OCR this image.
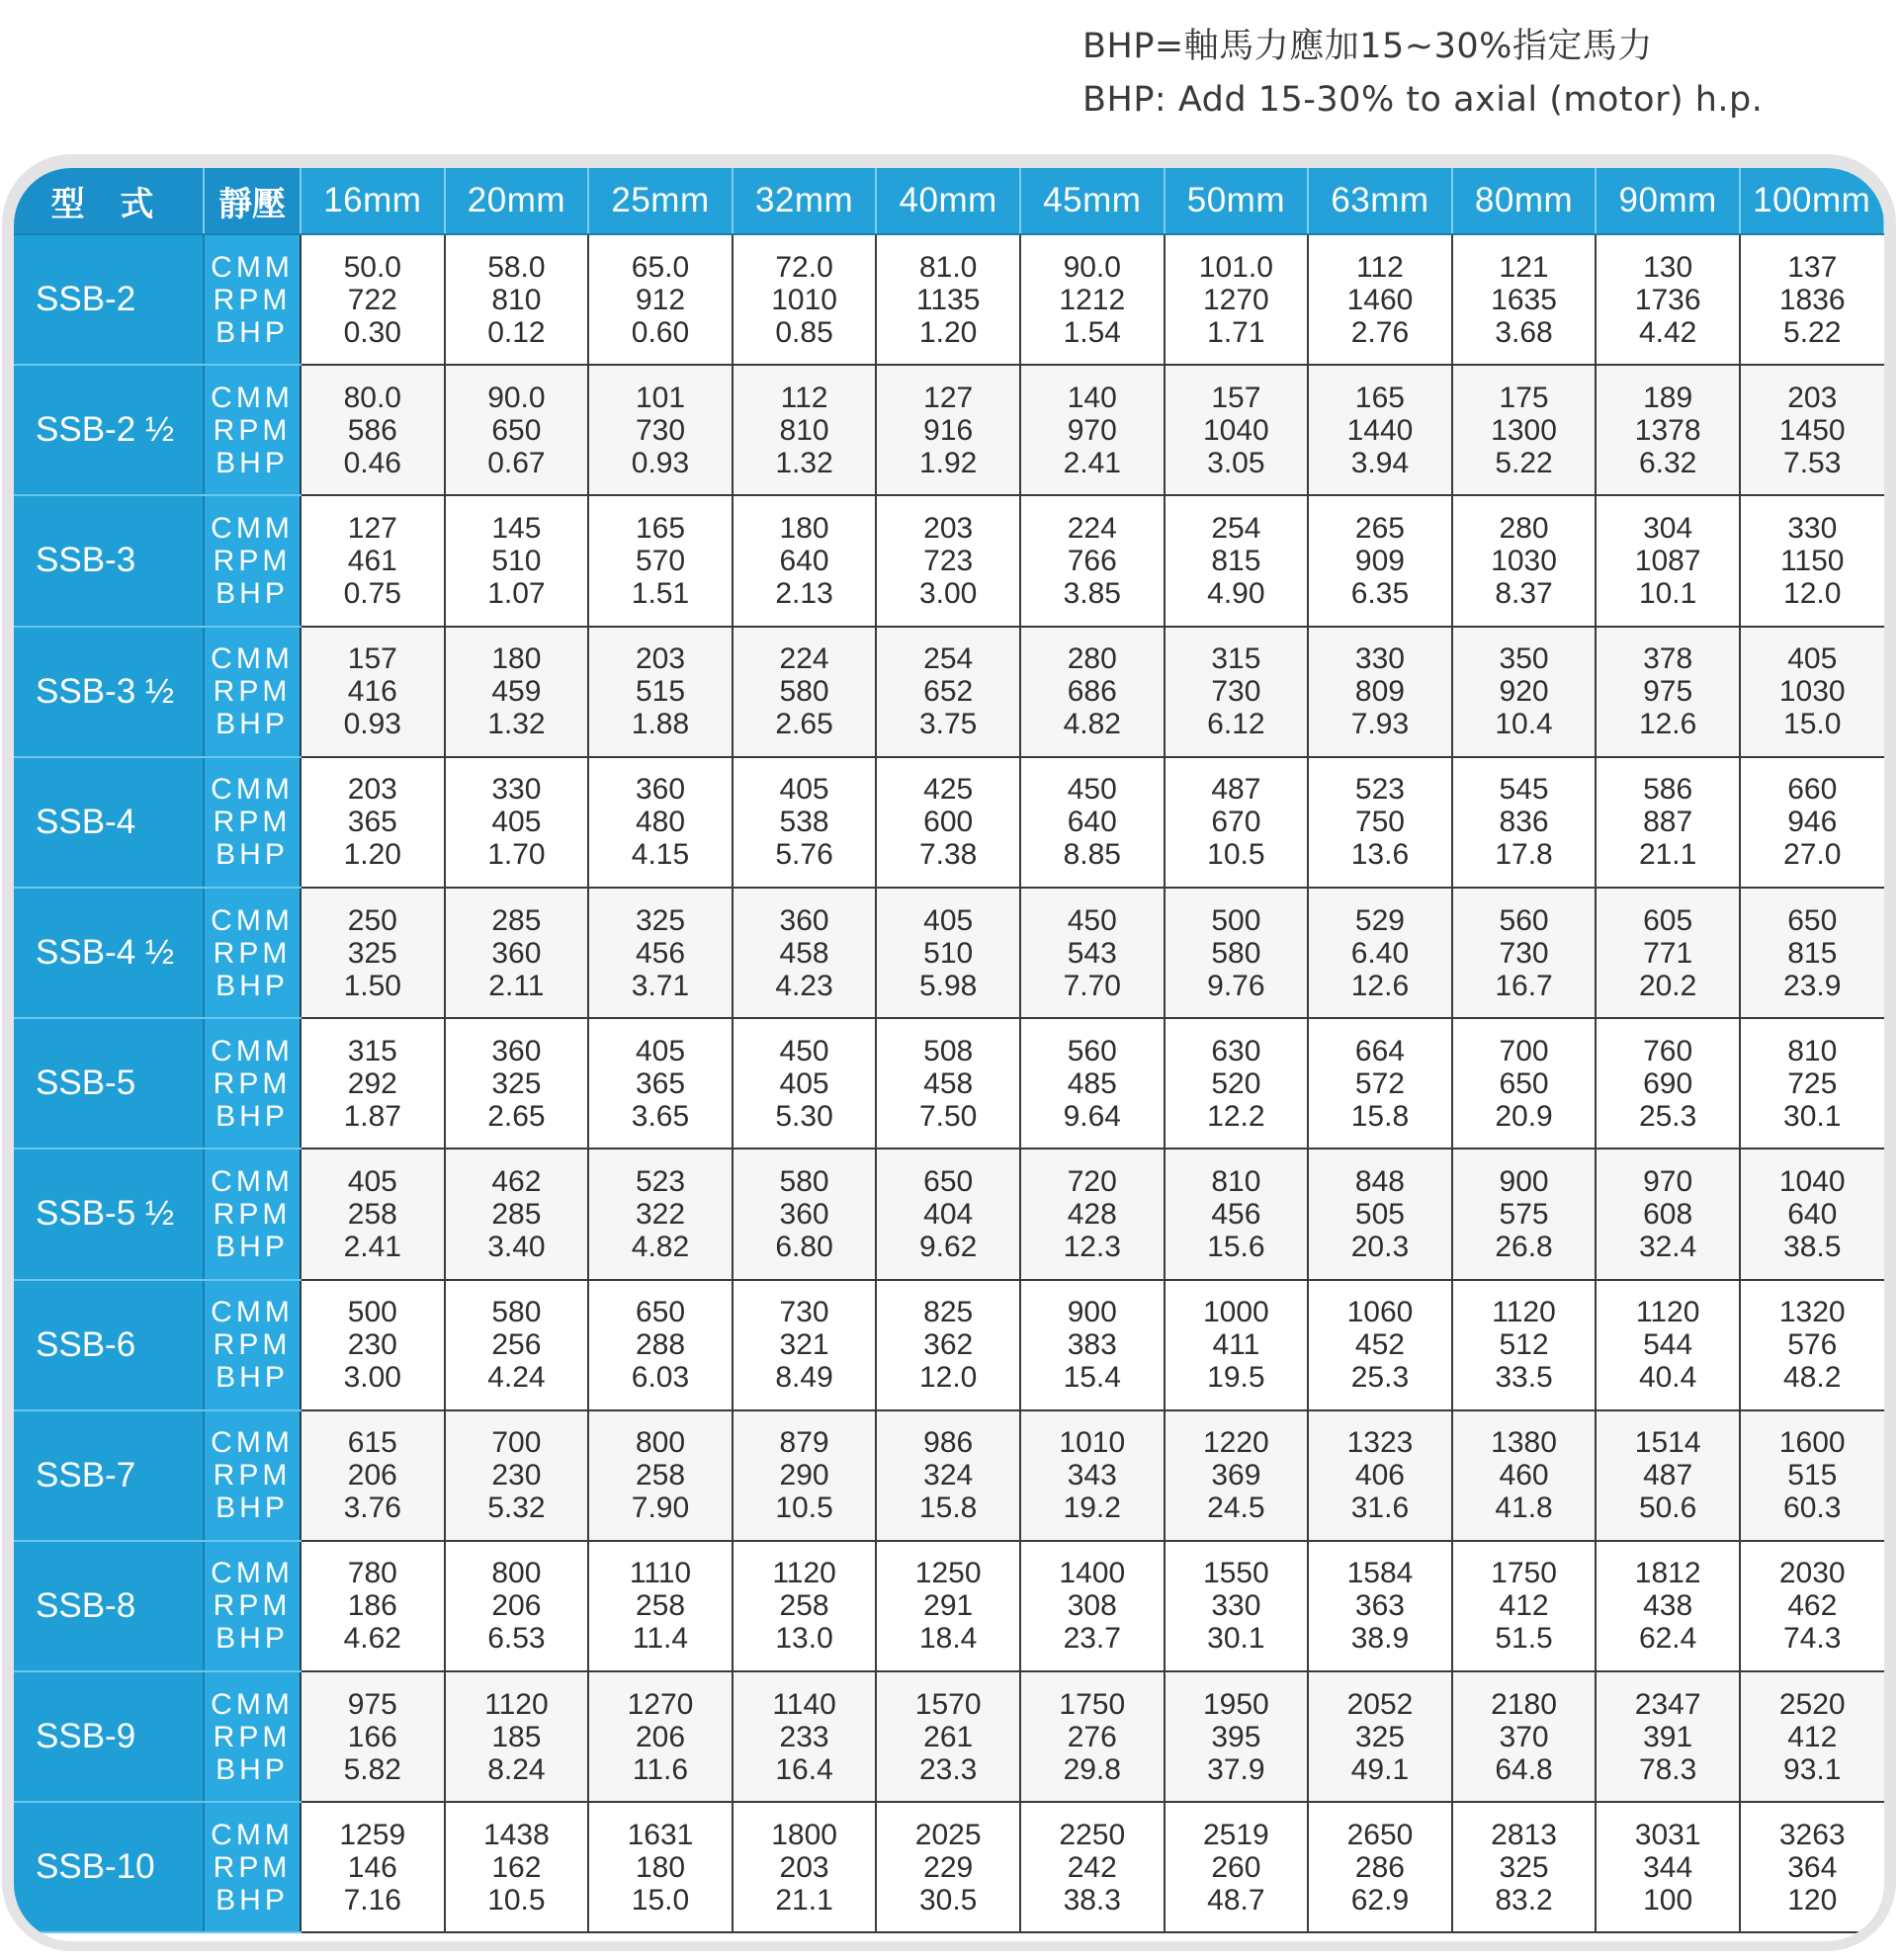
BHP=軸馬力應加15~30%指定馬力
BHP: Add 15-30% to axial (motor) h.p.
型 式	靜壓	16mm	20mm	25mm	32mm	40mm	45mm	50mm	63mm	80mm	90mm	100mm
SSB-2	CMM
RPM
BHP	50.0
722
0.30	58.0
810
0.12	65.0
912
0.60	72.0
1010
0.85	81.0
1135
1.20	90.0
1212
1.54	101.0
1270
1.71	112
1460
2.76	121
1635
3.68	130
1736
4.42	137
1836
5.22

SSB-2 ½	CMM
RPM
BHP	80.0
586
0.46	90.0
650
0.67	101
730
0.93	112
810
1.32	127
916
1.92	140
970
2.41	157
1040
3.05	165
1440
3.94	175
1300
5.22	189
1378
6.32	203
1450
7.53

SSB-3	CMM
RPM
BHP	127
461
0.75	145
510
1.07	165
570
1.51	180
640
2.13	203
723
3.00	224
766
3.85	254
815
4.90	265
909
6.35	280
1030
8.37	304
1087
10.1	330
1150
12.0

SSB-3 ½	CMM
RPM
BHP	157
416
0.93	180
459
1.32	203
515
1.88	224
580
2.65	254
652
3.75	280
686
4.82	315
730
6.12	330
809
7.93	350
920
10.4	378
975
12.6	405
1030
15.0

SSB-4	CMM
RPM
BHP	203
365
1.20	330
405
1.70	360
480
4.15	405
538
5.76	425
600
7.38	450
640
8.85	487
670
10.5	523
750
13.6	545
836
17.8	586
887
21.1	660
946
27.0

SSB-4 ½	CMM
RPM
BHP	250
325
1.50	285
360
2.11	325
456
3.71	360
458
4.23	405
510
5.98	450
543
7.70	500
580
9.76	529
6.40
12.6	560
730
16.7	605
771
20.2	650
815
23.9

SSB-5	CMM
RPM
BHP	315
292
1.87	360
325
2.65	405
365
3.65	450
405
5.30	508
458
7.50	560
485
9.64	630
520
12.2	664
572
15.8	700
650
20.9	760
690
25.3	810
725
30.1

SSB-5 ½	CMM
RPM
BHP	405
258
2.41	462
285
3.40	523
322
4.82	580
360
6.80	650
404
9.62	720
428
12.3	810
456
15.6	848
505
20.3	900
575
26.8	970
608
32.4	1040
640
38.5

SSB-6	CMM
RPM
BHP	500
230
3.00	580
256
4.24	650
288
6.03	730
321
8.49	825
362
12.0	900
383
15.4	1000
411
19.5	1060
452
25.3	1120
512
33.5	1120
544
40.4	1320
576
48.2

SSB-7	CMM
RPM
BHP	615
206
3.76	700
230
5.32	800
258
7.90	879
290
10.5	986
324
15.8	1010
343
19.2	1220
369
24.5	1323
406
31.6	1380
460
41.8	1514
487
50.6	1600
515
60.3

SSB-8	CMM
RPM
BHP	780
186
4.62	800
206
6.53	1110
258
11.4	1120
258
13.0	1250
291
18.4	1400
308
23.7	1550
330
30.1	1584
363
38.9	1750
412
51.5	1812
438
62.4	2030
462
74.3

SSB-9	CMM
RPM
BHP	975
166
5.82	1120
185
8.24	1270
206
11.6	1140
233
16.4	1570
261
23.3	1750
276
29.8	1950
395
37.9	2052
325
49.1	2180
370
64.8	2347
391
78.3	2520
412
93.1

SSB-10	CMM
RPM
BHP	1259
146
7.16	1438
162
10.5	1631
180
15.0	1800
203
21.1	2025
229
30.5	2250
242
38.3	2519
260
48.7	2650
286
62.9	2813
325
83.2	3031
344
100	3263
364
120
